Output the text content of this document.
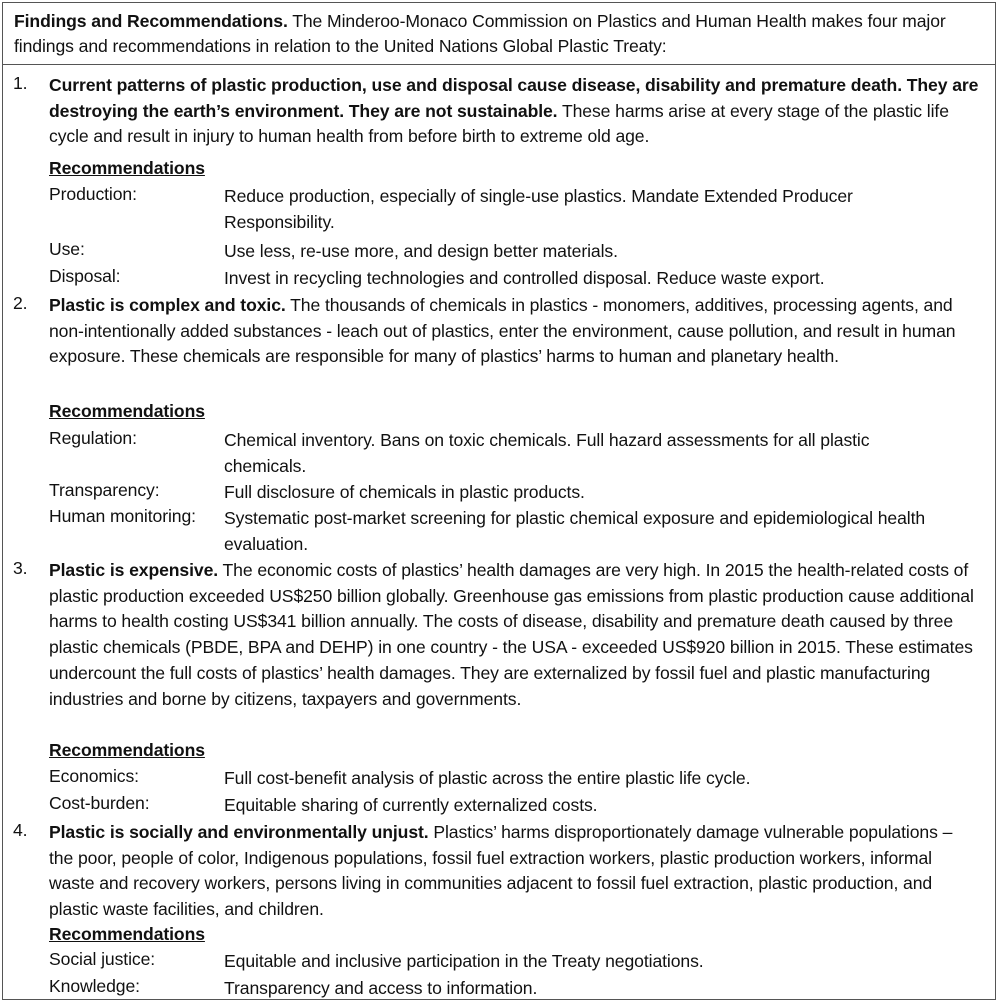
Findings and Recommendations. The Minderoo-Monaco Commission on Plastics and Human Health makes four major findings and recommendations in relation to the United Nations Global Plastic Treaty:
1. Current patterns of plastic production, use and disposal cause disease, disability and premature death. They are destroying the earth’s environment. They are not sustainable. These harms arise at every stage of the plastic life cycle and result in injury to human health from before birth to extreme old age.
Recommendations
Production:	Reduce production, especially of single-use plastics. Mandate Extended Producer Responsibility.
Use:	Use less, re-use more, and design better materials.
Disposal:	Invest in recycling technologies and controlled disposal. Reduce waste export.
2. Plastic is complex and toxic. The thousands of chemicals in plastics - monomers, additives, processing agents, and non-intentionally added substances - leach out of plastics, enter the environment, cause pollution, and result in human exposure. These chemicals are responsible for many of plastics’ harms to human and planetary health.
Recommendations
Regulation:	Chemical inventory. Bans on toxic chemicals. Full hazard assessments for all plastic chemicals.
Transparency:	Full disclosure of chemicals in plastic products.
Human monitoring: Systematic post-market screening for plastic chemical exposure and epidemiological health evaluation.
3. Plastic is expensive. The economic costs of plastics’ health damages are very high. In 2015 the health-related costs of plastic production exceeded US$250 billion globally. Greenhouse gas emissions from plastic production cause additional harms to health costing US$341 billion annually. The costs of disease, disability and premature death caused by three plastic chemicals (PBDE, BPA and DEHP) in one country - the USA - exceeded US$920 billion in 2015. These estimates undercount the full costs of plastics’ health damages. They are externalized by fossil fuel and plastic manufacturing industries and borne by citizens, taxpayers and governments.
Recommendations
Economics:	Full cost-benefit analysis of plastic across the entire plastic life cycle.
Cost-burden:	Equitable sharing of currently externalized costs.
4. Plastic is socially and environmentally unjust. Plastics’ harms disproportionately damage vulnerable populations – the poor, people of color, Indigenous populations, fossil fuel extraction workers, plastic production workers, informal waste and recovery workers, persons living in communities adjacent to fossil fuel extraction, plastic production, and plastic waste facilities, and children.
Recommendations
Social justice:	Equitable and inclusive participation in the Treaty negotiations.
Knowledge:	Transparency and access to information.
